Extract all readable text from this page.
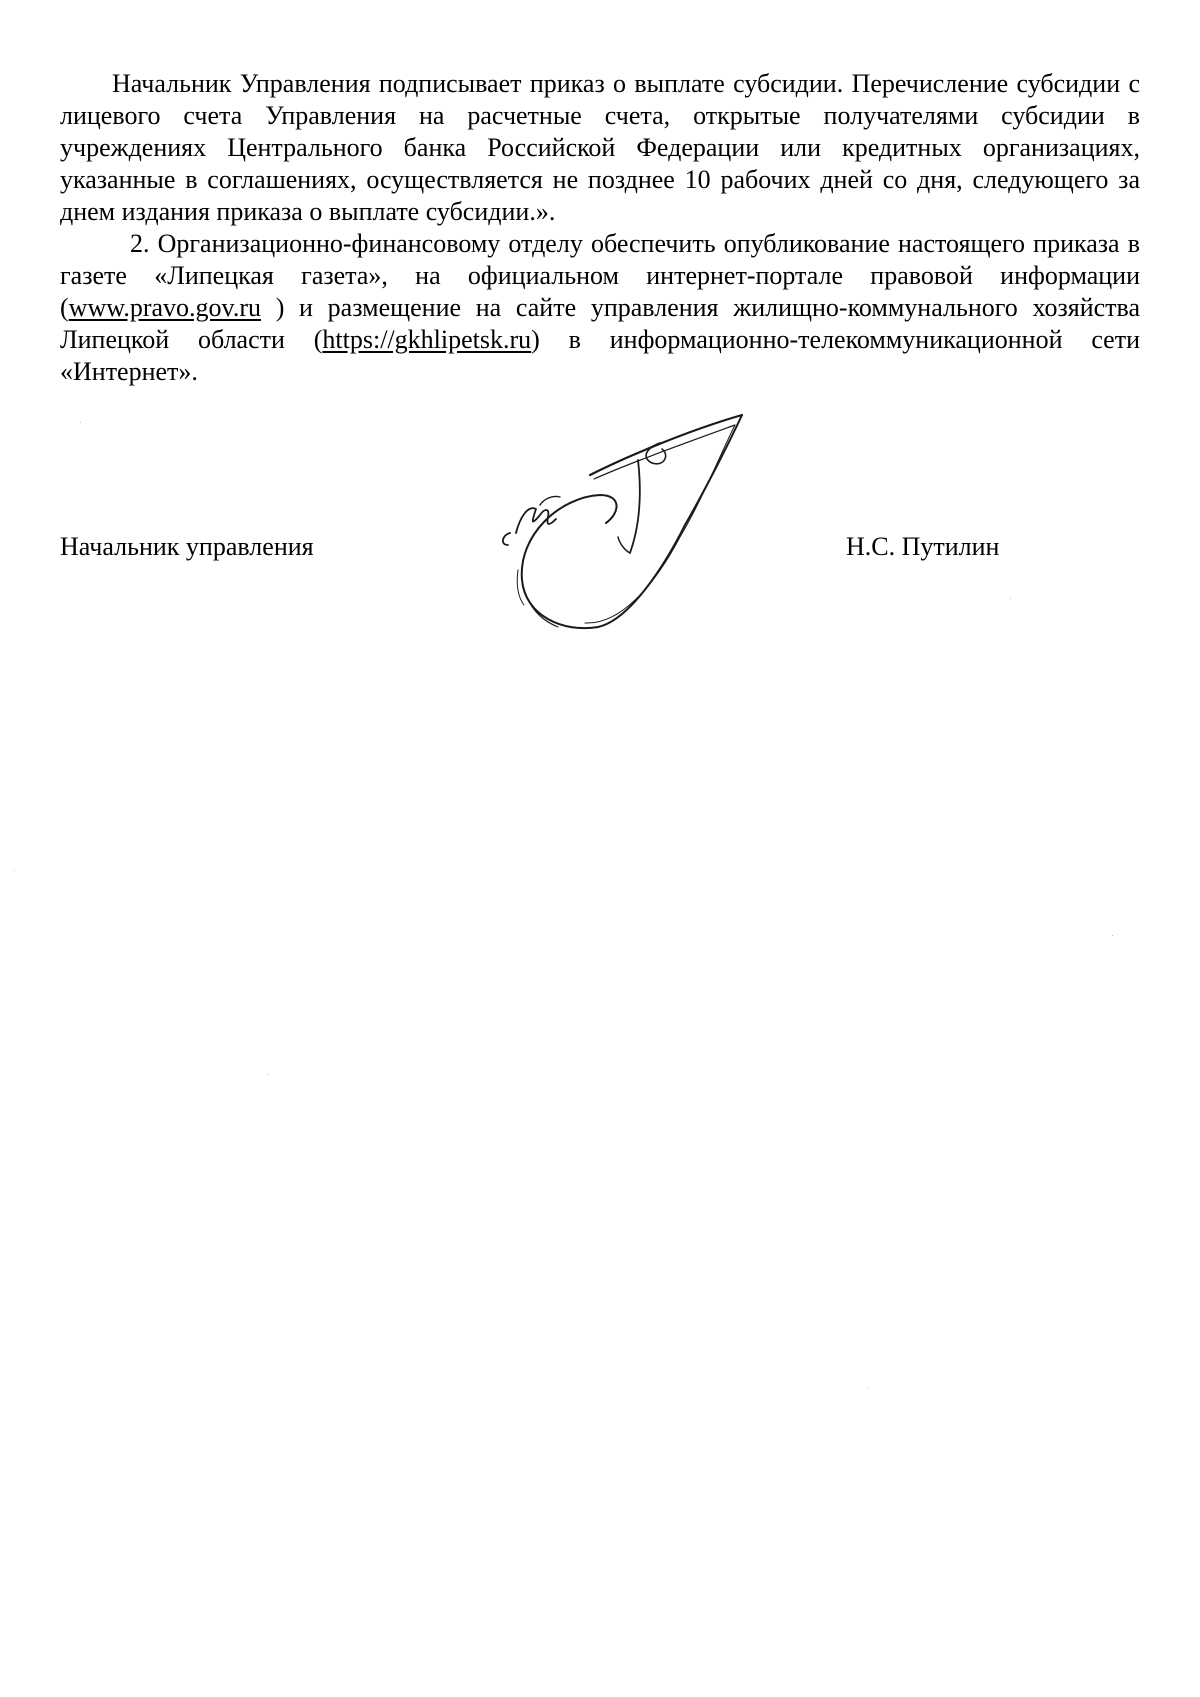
Начальник Управления подписывает приказ о выплате субсидии. Перечисление субсидии с лицевого счета Управления на расчетные счета, открытые получателями субсидии в учреждениях Центрального банка Российской Федерации или кредитных организациях, указанные в соглашениях, осуществляется не позднее 10 рабочих дней со дня, следующего за днем издания приказа о выплате субсидии.».

2. Организационно-финансовому отделу обеспечить опубликование настоящего приказа в газете «Липецкая газета», на официальном интернет-портале правовой информации (www.pravo.gov.ru ) и размещение на сайте управления жилищно-коммунального хозяйства Липецкой области (https://gkhlipetsk.ru) в информационно-телекоммуникационной сети «Интернет».

Начальник управления	Н.С. Путилин
